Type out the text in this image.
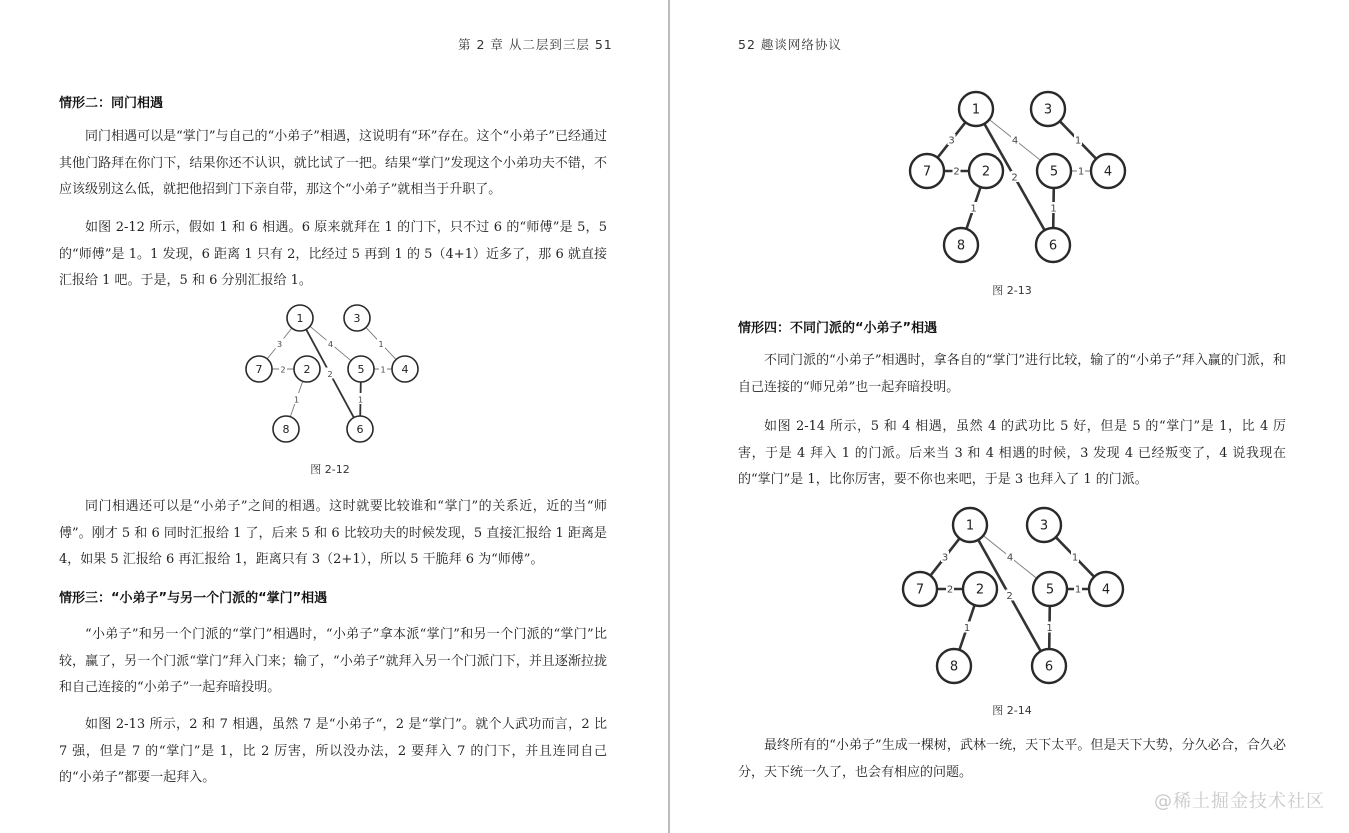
第 2 章 从二层到三层 51
情形二：同门相遇

同门相遇可以是“掌门”与自己的“小弟子”相遇，这说明有“环”存在。这个“小弟子”已经通过其他门路拜在你门下，结果你还不认识，就比试了一把。结果“掌门”发现这个小弟功夫不错，不应该级别这么低，就把他招到门下亲自带，那这个“小弟子”就相当于升职了。

如图 2-12 所示，假如 1 和 6 相遇。6 原来就拜在 1 的门下，只不过 6 的“师傅”是 5，5 的“师傅”是 1。1 发现，6 距离 1 只有 2，比经过 5 再到 1 的 5（4+1）近多了，那 6 就直接汇报给 1 吧。于是，5 和 6 分别汇报给 1。

3
2
1
4
2
1
1
1
1
2
3
4
5
6
7
8
图 2-12

同门相遇还可以是“小弟子”之间的相遇。这时就要比较谁和“掌门”的关系近，近的当“师傅”。刚才 5 和 6 同时汇报给 1 了，后来 5 和 6 比较功夫的时候发现，5 直接汇报给 1 距离是 4，如果 5 汇报给 6 再汇报给 1，距离只有 3（2+1），所以 5 干脆拜 6 为“师傅”。

情形三：“小弟子”与另一个门派的“掌门”相遇

“小弟子”和另一个门派的“掌门”相遇时，“小弟子”拿本派“掌门”和另一个门派的“掌门”比较，赢了，另一个门派“掌门”拜入门来；输了，“小弟子”就拜入另一个门派门下，并且逐渐拉拢和自己连接的“小弟子”一起弃暗投明。

如图 2-13 所示，2 和 7 相遇，虽然 7 是“小弟子“，2 是“掌门”。就个人武功而言，2 比 7 强，但是 7 的“掌门”是 1，比 2 厉害，所以没办法，2 要拜入 7 的门下，并且连同自己的“小弟子”都要一起拜入。

52 趣谈网络协议
3
2
1
4
2
1
1
1
1
2
3
4
5
6
7
8
图 2-13
情形四：不同门派的“小弟子”相遇

不同门派的“小弟子”相遇时，拿各自的“掌门”进行比较，输了的“小弟子”拜入赢的门派，和自己连接的“师兄弟”也一起弃暗投明。

如图 2-14 所示，5 和 4 相遇，虽然 4 的武功比 5 好，但是 5 的“掌门”是 1，比 4 厉害，于是 4 拜入 1 的门派。后来当 3 和 4 相遇的时候，3 发现 4 已经叛变了，4 说我现在的“掌门”是 1，比你厉害，要不你也来吧，于是 3 也拜入了 1 的门派。

3
2
1
4
2
1
1
1
1
2
3
4
5
6
7
8
图 2-14

最终所有的“小弟子”生成一棵树，武林一统，天下太平。但是天下大势，分久必合，合久必分，天下统一久了，也会有相应的问题。

@稀土掘金技术社区
